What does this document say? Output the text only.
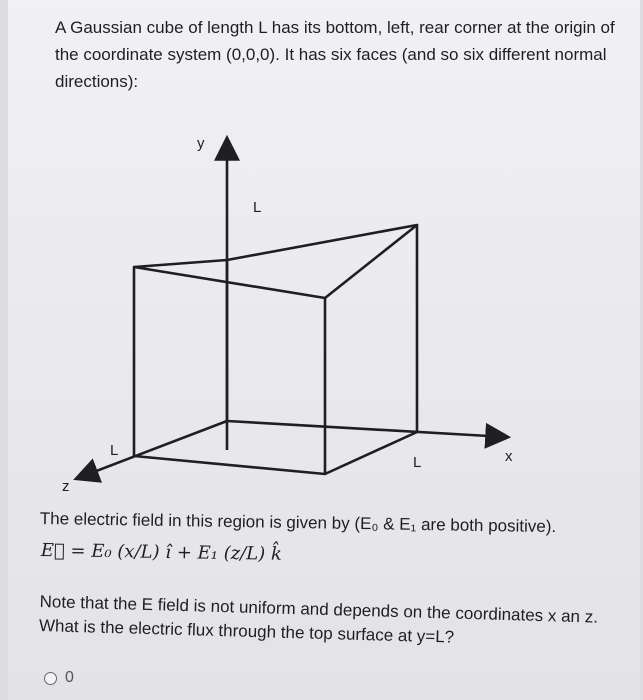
A Gaussian cube of length L has its bottom, left, rear corner at the origin of the coordinate system (0,0,0). It has six faces (and so six different normal directions):

y
x
z
L
L
L

The electric field in this region is given by (E₀ & E₁ are both positive).

E⃗ = E₀ (x/L) î + E₁ (z/L) k̂

Note that the E field is not uniform and depends on the coordinates x an z. What is the electric flux through the top surface at y=L?

0
